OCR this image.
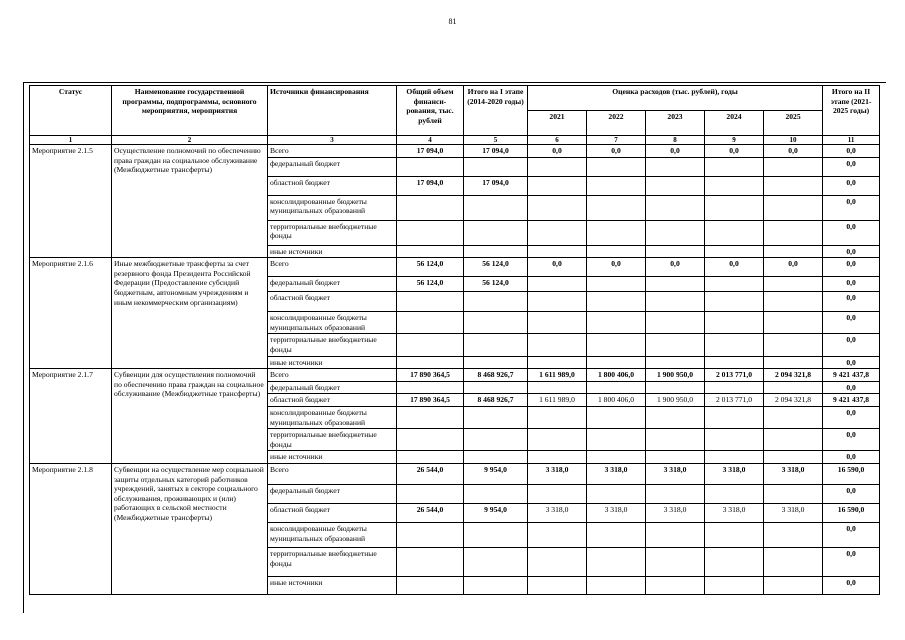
81
Статус	Наименование государственной программы, подпрограммы, основного мероприятия, мероприятия	Источники финансирования	Общий объем финанси-рования, тыс. рублей	Итого на I этапе (2014-2020 годы)	Оценка расходов (тыс. рублей), годы					Итого на II этапе (2021-2025 годы)
					2021	2022	2023	2024	2025	
1	2	3	4	5	6	7	8	9	10	11
Мероприятие 2.1.5	Осуществление полномочий по обеспечению права граждан на социальное обслуживание (Межбюджетные трансферты)	Всего	17 094,0	17 094,0	0,0	0,0	0,0	0,0	0,0	0,0
		федеральный бюджет								0,0
		областной бюджет	17 094,0	17 094,0						0,0
		консолидированные бюджеты муниципальных образований								0,0
		территориальные внебюджетные фонды								0,0
		иные источники								0,0
Мероприятие 2.1.6	Иные межбюджетные трансферты за счет резервного фонда Президента Российской Федерации (Предоставление субсидий бюджетным, автономным учреждениям и иным некоммерческим организациям)	Всего	56 124,0	56 124,0	0,0	0,0	0,0	0,0	0,0	0,0
		федеральный бюджет	56 124,0	56 124,0						0,0
		областной бюджет								0,0
		консолидированные бюджеты муниципальных образований								0,0
		территориальные внебюджетные фонды								0,0
		иные источники								0,0
Мероприятие 2.1.7	Субвенции для осуществления полномочий по обеспечению права граждан на социальное обслуживание (Межбюджетные трансферты)	Всего	17 890 364,5	8 468 926,7	1 611 989,0	1 800 406,0	1 900 950,0	2 013 771,0	2 094 321,8	9 421 437,8
		федеральный бюджет								0,0
		областной бюджет	17 890 364,5	8 468 926,7	1 611 989,0	1 800 406,0	1 900 950,0	2 013 771,0	2 094 321,8	9 421 437,8
		консолидированные бюджеты муниципальных образований								0,0
		территориальные внебюджетные фонды								0,0
		иные источники								0,0
Мероприятие 2.1.8	Субвенции на осуществление мер социальной защиты отдельных категорий работников учреждений, занятых в секторе социального обслуживания, проживающих и (или) работающих в сельской местности (Межбюджетные трансферты)	Всего	26 544,0	9 954,0	3 318,0	3 318,0	3 318,0	3 318,0	3 318,0	16 590,0
		федеральный бюджет								0,0
		областной бюджет	26 544,0	9 954,0	3 318,0	3 318,0	3 318,0	3 318,0	3 318,0	16 590,0
		консолидированные бюджеты муниципальных образований								0,0
		территориальные внебюджетные фонды								0,0
		иные источники								0,0
